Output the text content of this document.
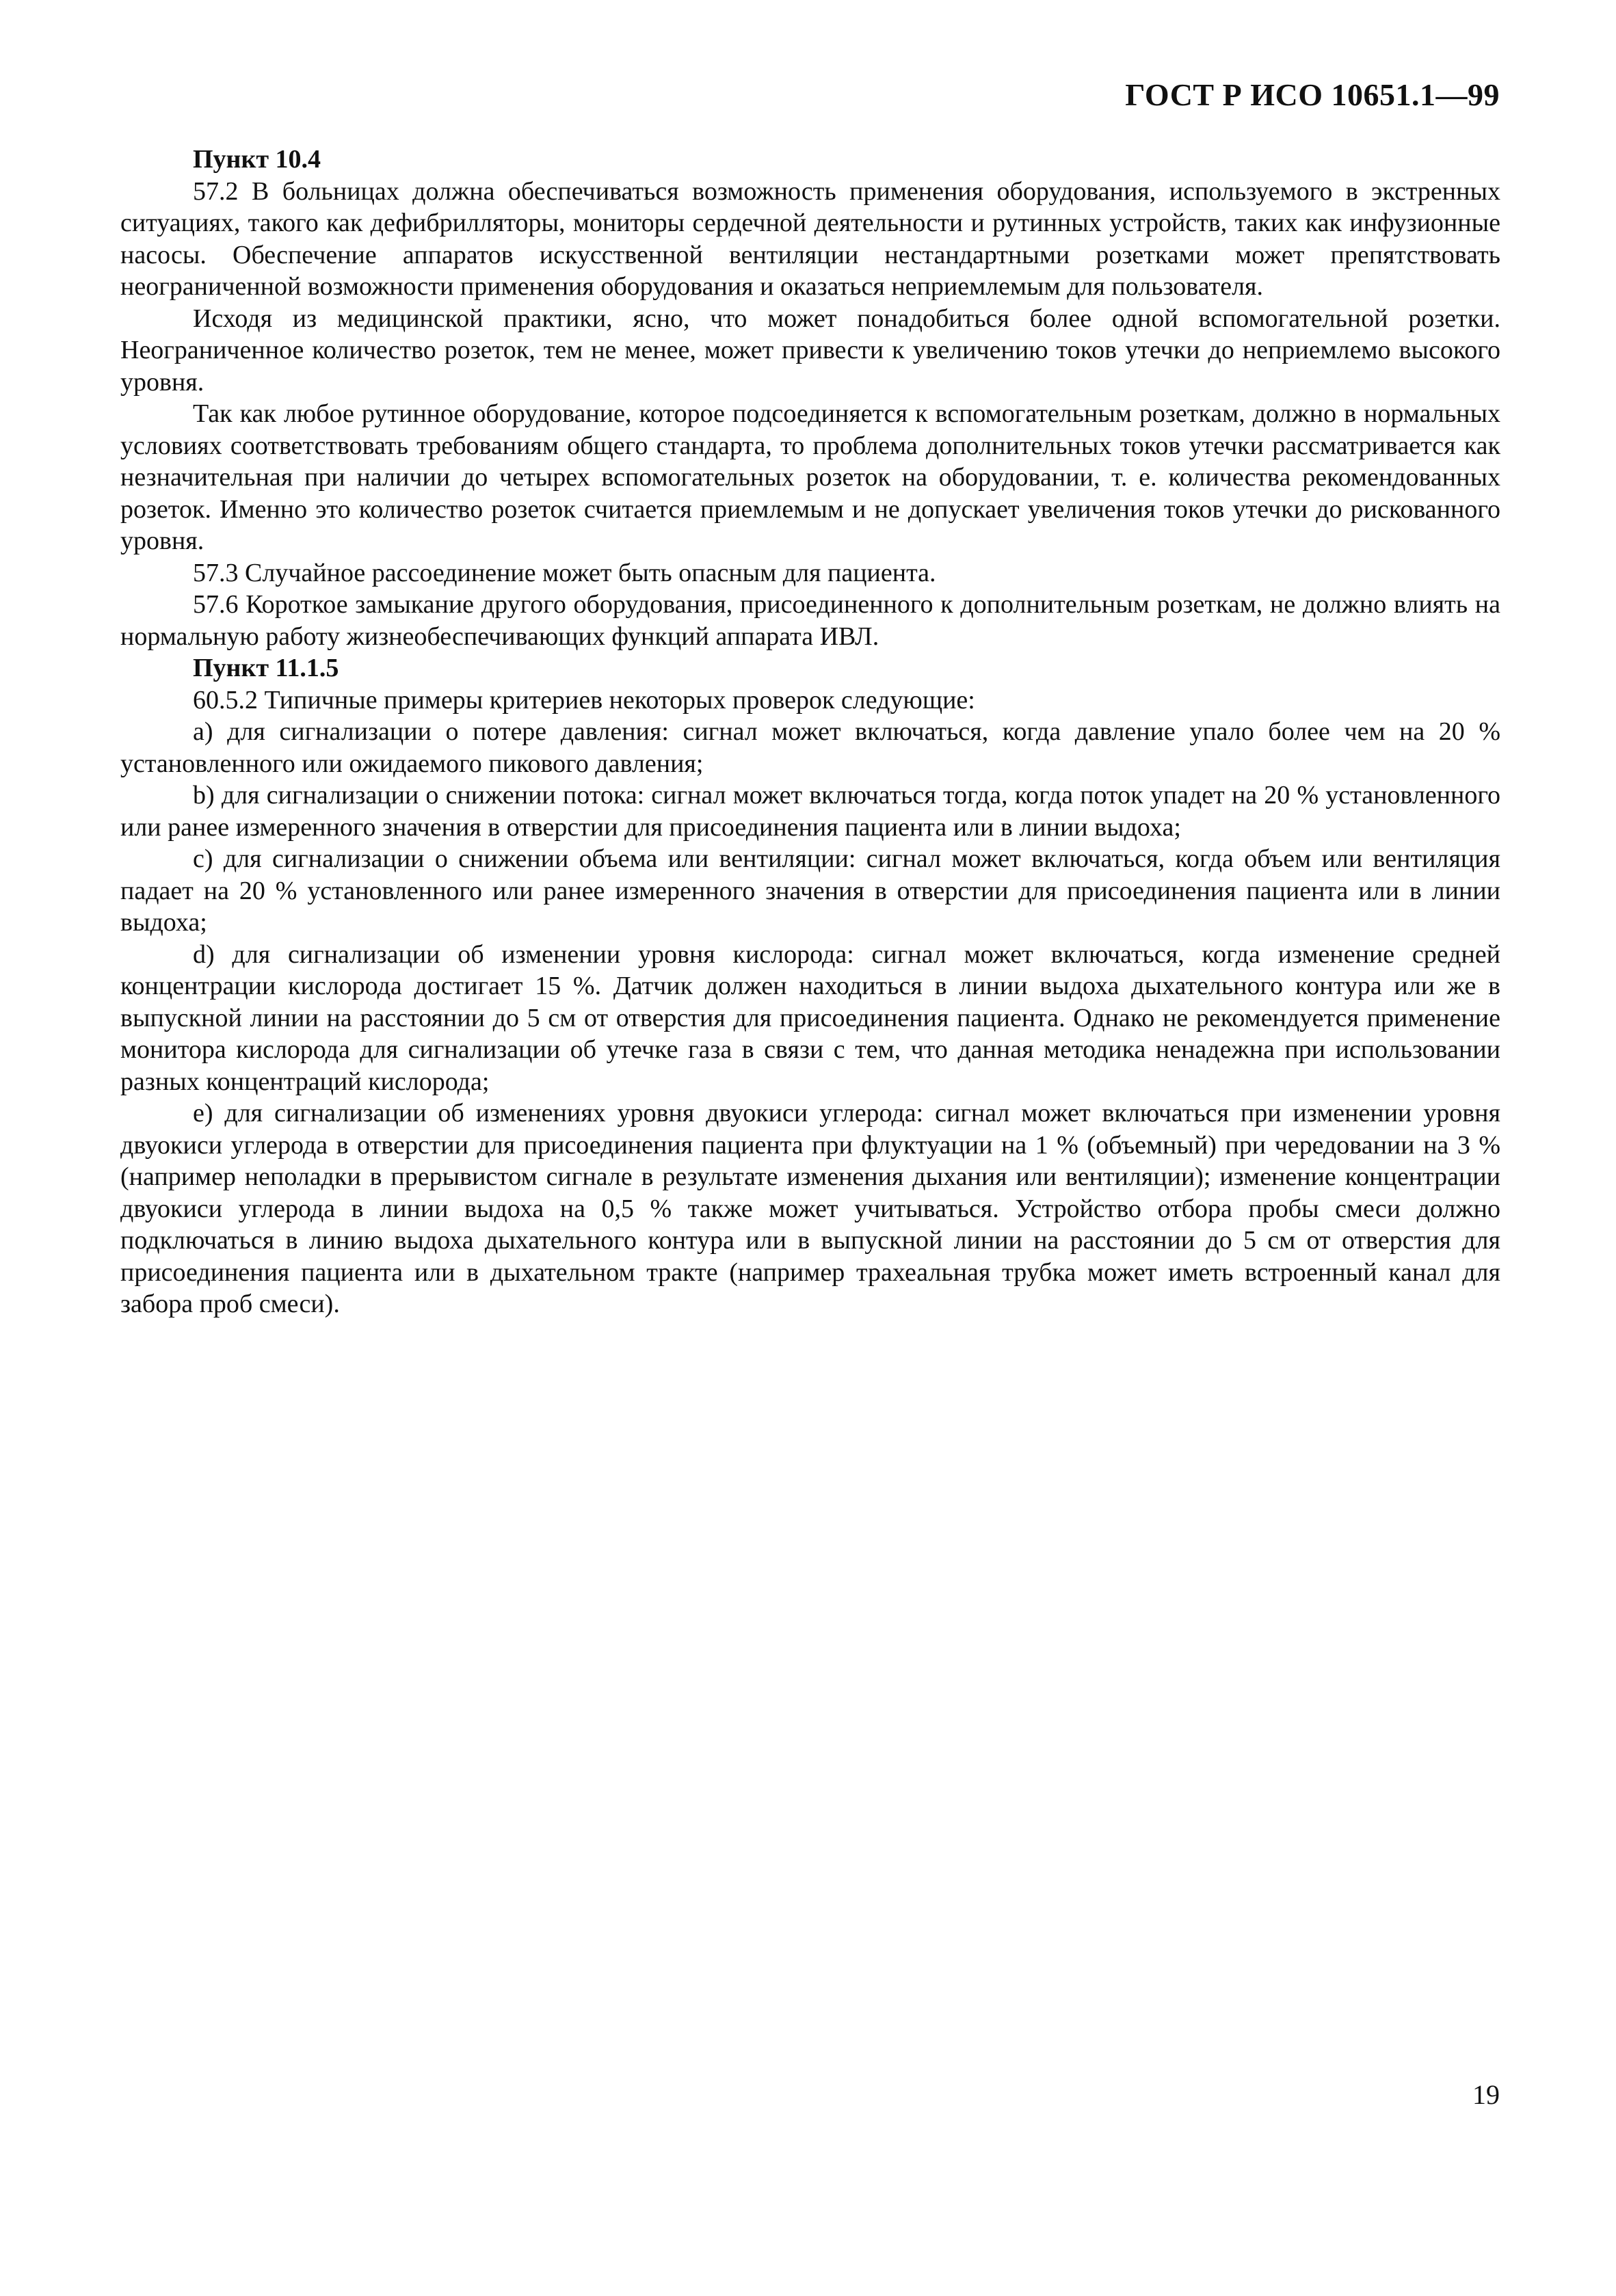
ГОСТ Р ИСО 10651.1—99
Пункт 10.4

57.2 В больницах должна обеспечиваться возможность применения оборудования, используемого в экстренных ситуациях, такого как дефибрилляторы, мониторы сердечной деятельности и рутинных устройств, таких как инфузионные насосы. Обеспечение аппаратов искусственной вентиляции нестандартными розетками может препятствовать неограниченной возможности применения оборудования и оказаться неприемлемым для пользователя.

Исходя из медицинской практики, ясно, что может понадобиться более одной вспомогательной розетки. Неограниченное количество розеток, тем не менее, может привести к увеличению токов утечки до неприемлемо высокого уровня.

Так как любое рутинное оборудование, которое подсоединяется к вспомогательным розеткам, должно в нормальных условиях соответствовать требованиям общего стандарта, то проблема дополнительных токов утечки рассматривается как незначительная при наличии до четырех вспомогательных розеток на оборудовании, т. е. количества рекомендованных розеток. Именно это количество розеток считается приемлемым и не допускает увеличения токов утечки до рискованного уровня.

57.3 Случайное рассоединение может быть опасным для пациента.

57.6 Короткое замыкание другого оборудования, присоединенного к дополнительным розеткам, не должно влиять на нормальную работу жизнеобеспечивающих функций аппарата ИВЛ.

Пункт 11.1.5

60.5.2 Типичные примеры критериев некоторых проверок следующие:

a) для сигнализации о потере давления: сигнал может включаться, когда давление упало более чем на 20 % установленного или ожидаемого пикового давления;

b) для сигнализации о снижении потока: сигнал может включаться тогда, когда поток упадет на 20 % установленного или ранее измеренного значения в отверстии для присоединения пациента или в линии выдоха;

c) для сигнализации о снижении объема или вентиляции: сигнал может включаться, когда объем или вентиляция падает на 20 % установленного или ранее измеренного значения в отверстии для присоединения пациента или в линии выдоха;

d) для сигнализации об изменении уровня кислорода: сигнал может включаться, когда изменение средней концентрации кислорода достигает 15 %. Датчик должен находиться в линии выдоха дыхательного контура или же в выпускной линии на расстоянии до 5 см от отверстия для присоединения пациента. Однако не рекомендуется применение монитора кислорода для сигнализации об утечке газа в связи с тем, что данная методика ненадежна при использовании разных концентраций кислорода;

e) для сигнализации об изменениях уровня двуокиси углерода: сигнал может включаться при изменении уровня двуокиси углерода в отверстии для присоединения пациента при флуктуации на 1 % (объемный) при чередовании на 3 % (например неполадки в прерывистом сигнале в результате изменения дыхания или вентиляции); изменение концентрации двуокиси углерода в линии выдоха на 0,5 % также может учитываться. Устройство отбора пробы смеси должно подключаться в линию выдоха дыхательного контура или в выпускной линии на расстоянии до 5 см от отверстия для присоединения пациента или в дыхательном тракте (например трахеальная трубка может иметь встроенный канал для забора проб смеси).

19
